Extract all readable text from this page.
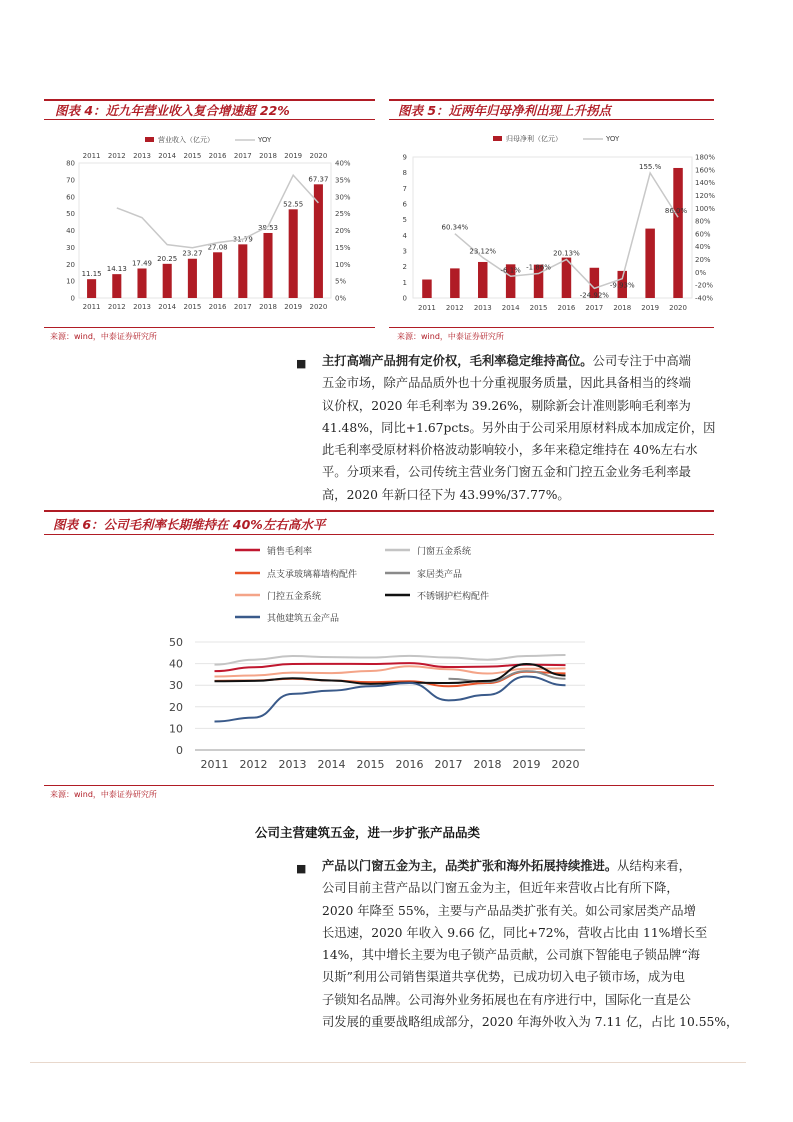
图表 4：近九年营业收入复合增速超 22%
营业收入（亿元）	YOY
2011 2012 2013 2014 2015 2016 2017 2018 2019 2020
0
10
20
30
40
50
60
70
80
0%
5%
10%
15%
20%
25%
30%
35%
40%
11.15
14.13
17.49
20.25
23.27
27.08
31.79
38.53
52.55
67.37
2011 2012 2013 2014 2015 2016 2017 2018 2019 2020
来源：wind，中泰证券研究所
图表 5：近两年归母净利出现上升拐点
归母净利（亿元）	YOY
0
1
2
3
4
5
6
7
8
9
-40%
-20%
0%
20%
40%
60%
80%
100%
120%
140%
160%
180%
60.34%
23.12%
-6.1% -1.86%
20.13%
-24.92%
-9.93%
155.%
86.0%
2011 2012 2013 2014 2015 2016 2017 2018 2019 2020
来源：wind，中泰证券研究所
■ 主打高端产品拥有定价权，毛利率稳定维持高位。公司专注于中高端
五金市场，除产品品质外也十分重视服务质量，因此具备相当的终端
议价权，2020 年毛利率为 39.26%，剔除新会计准则影响毛利率为
41.48%，同比+1.67pcts。另外由于公司采用原材料成本加成定价，因
此毛利率受原材料价格波动影响较小，多年来稳定维持在 40%左右水
平。分项来看，公司传统主营业务门窗五金和门控五金业务毛利率最
高，2020 年新口径下为 43.99%/37.77%。
图表 6：公司毛利率长期维持在 40%左右高水平
销售毛利率	门窗五金系统
点支承玻璃幕墙构配件	家居类产品
门控五金系统	不锈钢护栏构配件
其他建筑五金产品
0
10
20
30
40
50
2011 2012 2013 2014 2015 2016 2017 2018 2019 2020
来源：wind，中泰证券研究所
公司主营建筑五金，进一步扩张产品品类
■ 产品以门窗五金为主，品类扩张和海外拓展持续推进。从结构来看，
公司目前主营产品以门窗五金为主，但近年来营收占比有所下降，
2020 年降至 55%，主要与产品品类扩张有关。如公司家居类产品增
长迅速，2020 年收入 9.66 亿，同比+72%，营收占比由 11%增长至
14%，其中增长主要为电子锁产品贡献，公司旗下智能电子锁品牌“海
贝斯”利用公司销售渠道共享优势，已成功切入电子锁市场，成为电
子锁知名品牌。公司海外业务拓展也在有序进行中，国际化一直是公
司发展的重要战略组成部分，2020 年海外收入为 7.11 亿，占比 10.55%，
